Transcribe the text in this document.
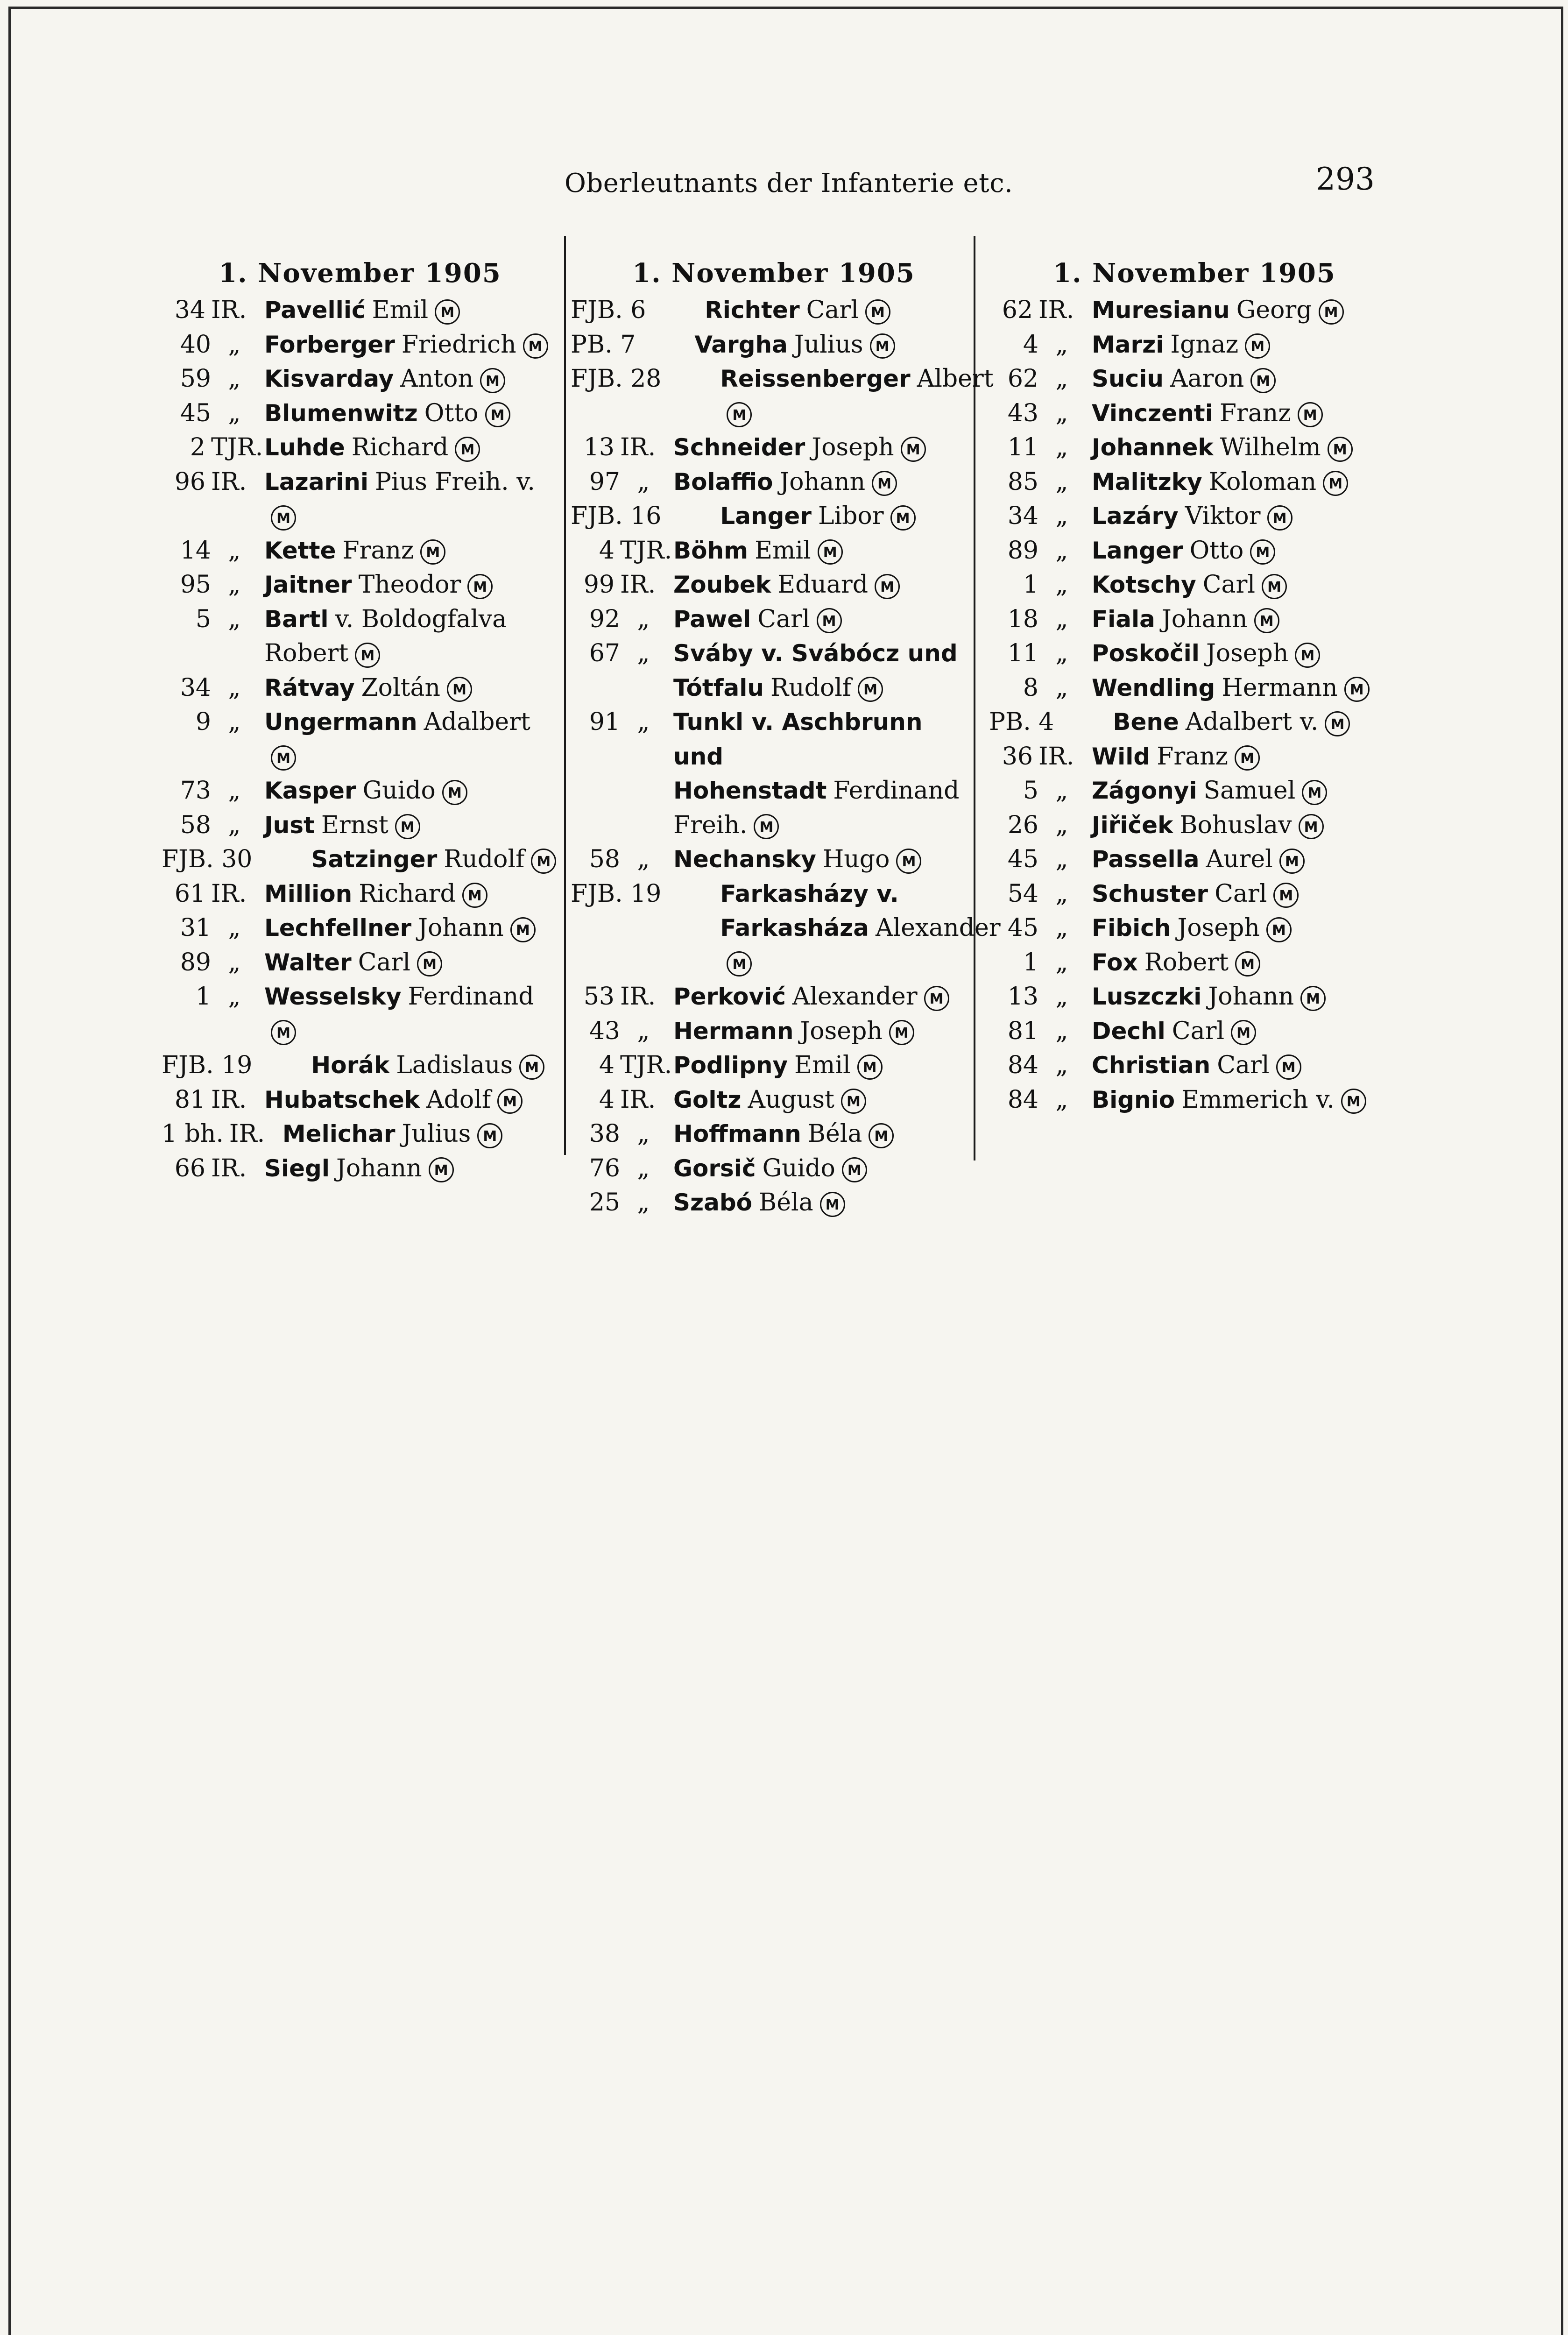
Oberleutnants der Infanterie etc.	293
1. November 1905
34 IR. Pavellić Emil M
40 „	Forberger Friedrich M
59 „	Kisvarday Anton M
45 „	Blumenwitz Otto M
2 TJR. Luhde Richard M
96 IR. Lazarini Pius Freih. v.M
14 „	Kette Franz M
95 „	Jaitner Theodor M
5 „	Bartl v. Boldogfalva Robert M
34 „	Rátvay Zoltán M
9 „	Ungermann AdalbertM
73 „	Kasper Guido M
58 „	Just Ernst M
FJB. 30	Satzinger Rudolf M
61 IR. Million Richard M
31 „	Lechfellner Johann M
89 „	Walter Carl M
1 „	Wesselsky FerdinandM
FJB. 19	Horák Ladislaus M
81 IR. Hubatschek Adolf M
1 bh. IR. Melichar Julius M
66 IR. Siegl Johann M
1. November 1905
FJB. 6	Richter Carl M
PB. 7	Vargha Julius M
FJB. 28	Reissenberger AlbertM
13 IR. Schneider Joseph M
97 „	Bolaffio Johann M
FJB. 16	Langer Libor M
4 TJR. Böhm Emil M
99 IR. Zoubek Eduard M
92 „	Pawel Carl M
67 „	Sváby v. Svábócz und Tótfalu Rudolf M
91 „	Tunkl v. Aschbrunn und Hohenstadt Ferdinand Freih. M
58 „	Nechansky Hugo M
FJB. 19	Farkasházy v. Farkasháza AlexanderM
53 IR. Perković Alexander M
43 „	Hermann Joseph M
4 TJR. Podlipny Emil M
4 IR. Goltz August M
38 „	Hoffmann Béla M
76 „	Gorsič Guido M
25 „	Szabó Béla M
1. November 1905
62 IR. Muresianu Georg M
4 „	Marzi Ignaz M
62 „	Suciu Aaron M
43 „	Vinczenti Franz M
11 „	Johannek Wilhelm M
85 „	Malitzky Koloman M
34 „	Lazáry Viktor M
89 „	Langer Otto M
1 „	Kotschy Carl M
18 „	Fiala Johann M
11 „	Poskočil Joseph M
8 „	Wendling Hermann M
PB. 4	Bene Adalbert v. M
36 IR. Wild Franz M
5 „	Zágonyi Samuel M
26 „	Jiřiček Bohuslav M
45 „	Passella Aurel M
54 „	Schuster Carl M
45 „	Fibich Joseph M
1 „	Fox Robert M
13 „	Luszczki Johann M
81 „	Dechl Carl M
84 „	Christian Carl M
84 „	Bignio Emmerich v. M
